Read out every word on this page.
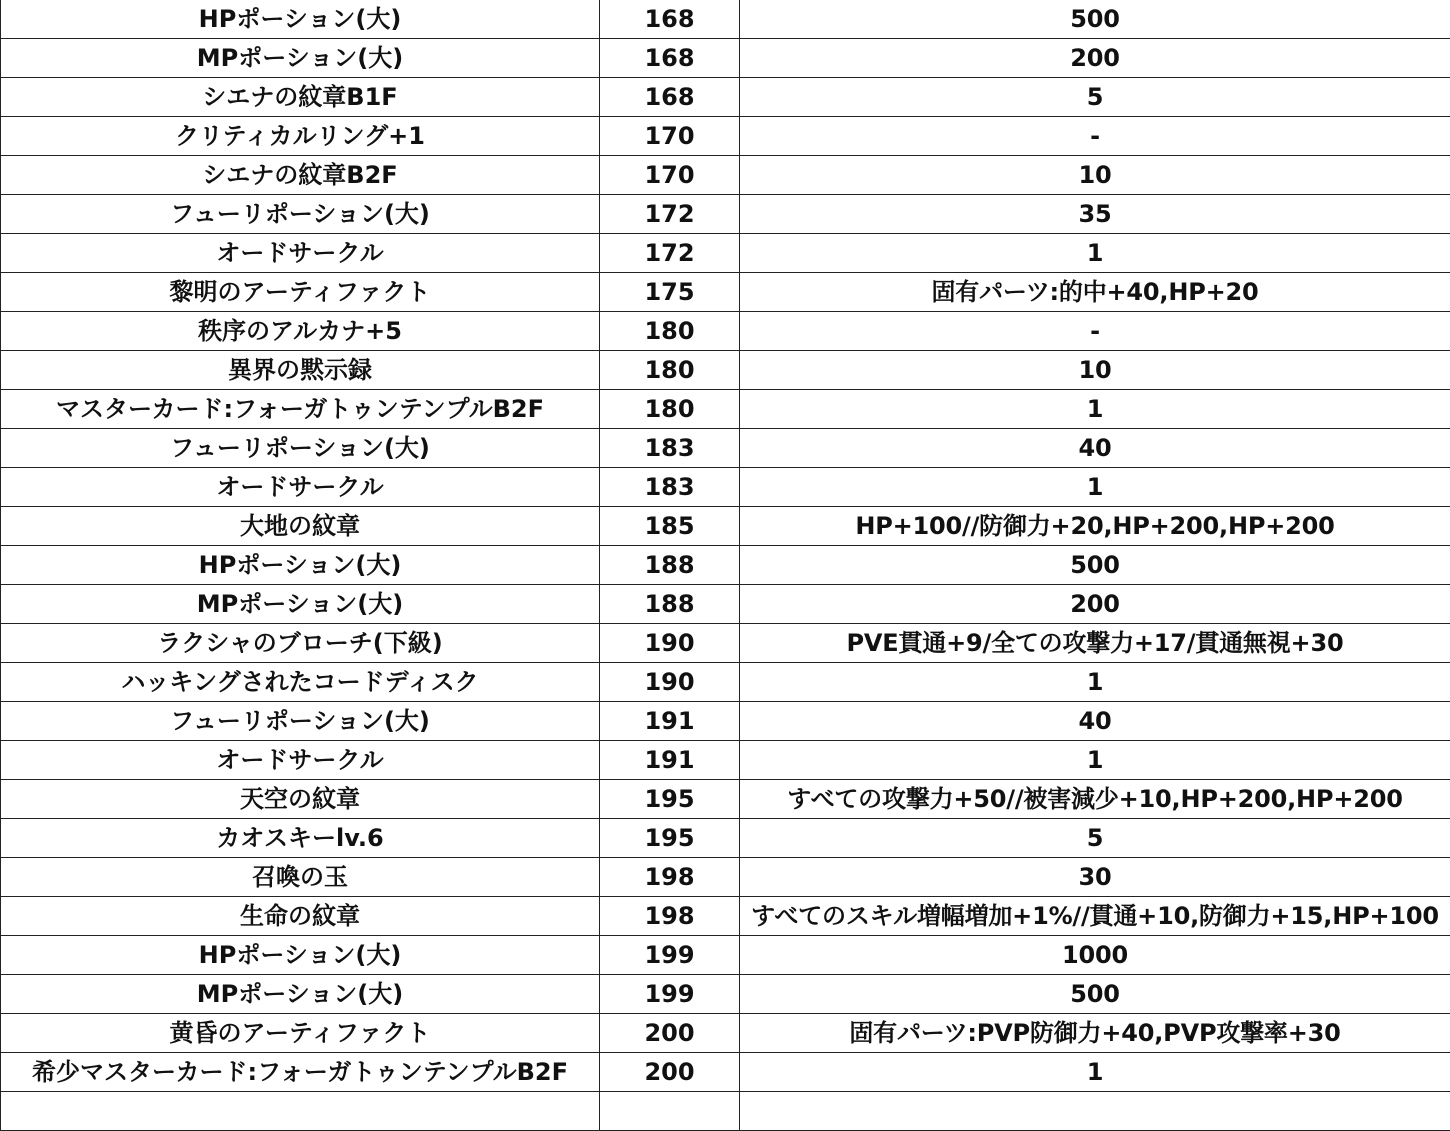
HPポーション(大)	168	500
MPポーション(大)	168	200
シエナの紋章B1F	168	5
クリティカルリング+1	170	-
シエナの紋章B2F	170	10
フューリポーション(大)	172	35
オードサークル	172	1
黎明のアーティファクト	175	固有パーツ:的中+40,HP+20
秩序のアルカナ+5	180	-
異界の黙示録	180	10
マスターカード:フォーガトゥンテンプルB2F	180	1
フューリポーション(大)	183	40
オードサークル	183	1
大地の紋章	185	HP+100//防御力+20,HP+200,HP+200
HPポーション(大)	188	500
MPポーション(大)	188	200
ラクシャのブローチ(下級)	190	PVE貫通+9/全ての攻撃力+17/貫通無視+30
ハッキングされたコードディスク	190	1
フューリポーション(大)	191	40
オードサークル	191	1
天空の紋章	195	すべての攻撃力+50//被害減少+10,HP+200,HP+200
カオスキーlv.6	195	5
召喚の玉	198	30
生命の紋章	198	すべてのスキル増幅増加+1%//貫通+10,防御力+15,HP+100
HPポーション(大)	199	1000
MPポーション(大)	199	500
黄昏のアーティファクト	200	固有パーツ:PVP防御力+40,PVP攻撃率+30
希少マスターカード:フォーガトゥンテンプルB2F	200	1
